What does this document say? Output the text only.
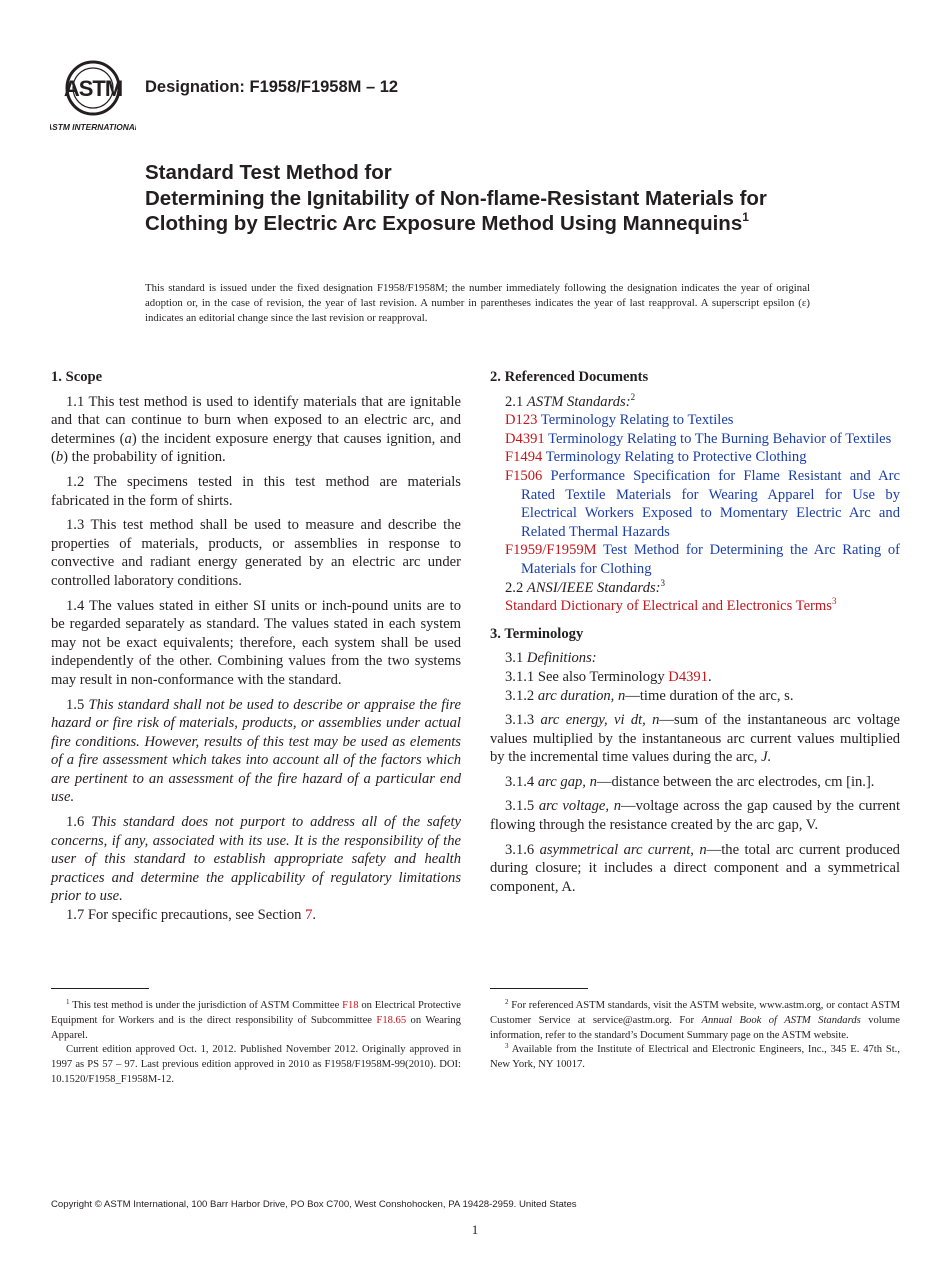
ASTM
ASTM INTERNATIONAL
Designation: F1958/F1958M – 12
Standard Test Method for
Determining the Ignitability of Non-flame-Resistant Materials for Clothing by Electric Arc Exposure Method Using Mannequins$^1$
This standard is issued under the fixed designation F1958/F1958M; the number immediately following the designation indicates the year of original adoption or, in the case of revision, the year of last revision. A number in parentheses indicates the year of last reapproval. A superscript epsilon (ε) indicates an editorial change since the last revision or reapproval.
1. Scope

1.1 This test method is used to identify materials that are ignitable and that can continue to burn when exposed to an electric arc, and determines (a) the incident exposure energy that causes ignition, and (b) the probability of ignition.

1.2 The specimens tested in this test method are materials fabricated in the form of shirts.

1.3 This test method shall be used to measure and describe the properties of materials, products, or assemblies in response to convective and radiant energy generated by an electric arc under controlled laboratory conditions.

1.4 The values stated in either SI units or inch-pound units are to be regarded separately as standard. The values stated in each system may not be exact equivalents; therefore, each system shall be used independently of the other. Combining values from the two systems may result in non-conformance with the standard.

1.5 This standard shall not be used to describe or appraise the fire hazard or fire risk of materials, products, or assemblies under actual fire conditions. However, results of this test may be used as elements of a fire assessment which takes into account all of the factors which are pertinent to an assessment of the fire hazard of a particular end use.

1.6 This standard does not purport to address all of the safety concerns, if any, associated with its use. It is the responsibility of the user of this standard to establish appropriate safety and health practices and determine the applicability of regulatory limitations prior to use.

1.7 For specific precautions, see Section 7.

2. Referenced Documents
2.1 ASTM Standards:$^2$
D123 Terminology Relating to Textiles
D4391 Terminology Relating to The Burning Behavior of Textiles
F1494 Terminology Relating to Protective Clothing
F1506 Performance Specification for Flame Resistant and Arc Rated Textile Materials for Wearing Apparel for Use by Electrical Workers Exposed to Momentary Electric Arc and Related Thermal Hazards
F1959/F1959M Test Method for Determining the Arc Rating of Materials for Clothing
2.2 ANSI/IEEE Standards:$^3$
Standard Dictionary of Electrical and Electronics Terms$^3$
3. Terminology
3.1 Definitions:
3.1.1 See also Terminology D4391.
3.1.2 arc duration, n—time duration of the arc, s.

3.1.3 arc energy, vi dt, n—sum of the instantaneous arc voltage values multiplied by the instantaneous arc current values multiplied by the incremental time values during the arc, J.

3.1.4 arc gap, n—distance between the arc electrodes, cm [in.].

3.1.5 arc voltage, n—voltage across the gap caused by the current flowing through the resistance created by the arc gap, V.

3.1.6 asymmetrical arc current, n—the total arc current produced during closure; it includes a direct component and a symmetrical component, A.

$^1$ This test method is under the jurisdiction of ASTM Committee F18 on Electrical Protective Equipment for Workers and is the direct responsibility of Subcommittee F18.65 on Wearing Apparel.

Current edition approved Oct. 1, 2012. Published November 2012. Originally approved in 1997 as PS 57 – 97. Last previous edition approved in 2010 as F1958/F1958M-99(2010). DOI: 10.1520/F1958_F1958M-12.

$^2$ For referenced ASTM standards, visit the ASTM website, www.astm.org, or contact ASTM Customer Service at service@astm.org. For Annual Book of ASTM Standards volume information, refer to the standard’s Document Summary page on the ASTM website.

$^3$ Available from the Institute of Electrical and Electronic Engineers, Inc., 345 E. 47th St., New York, NY 10017.

Copyright © ASTM International, 100 Barr Harbor Drive, PO Box C700, West Conshohocken, PA 19428-2959. United States
1
